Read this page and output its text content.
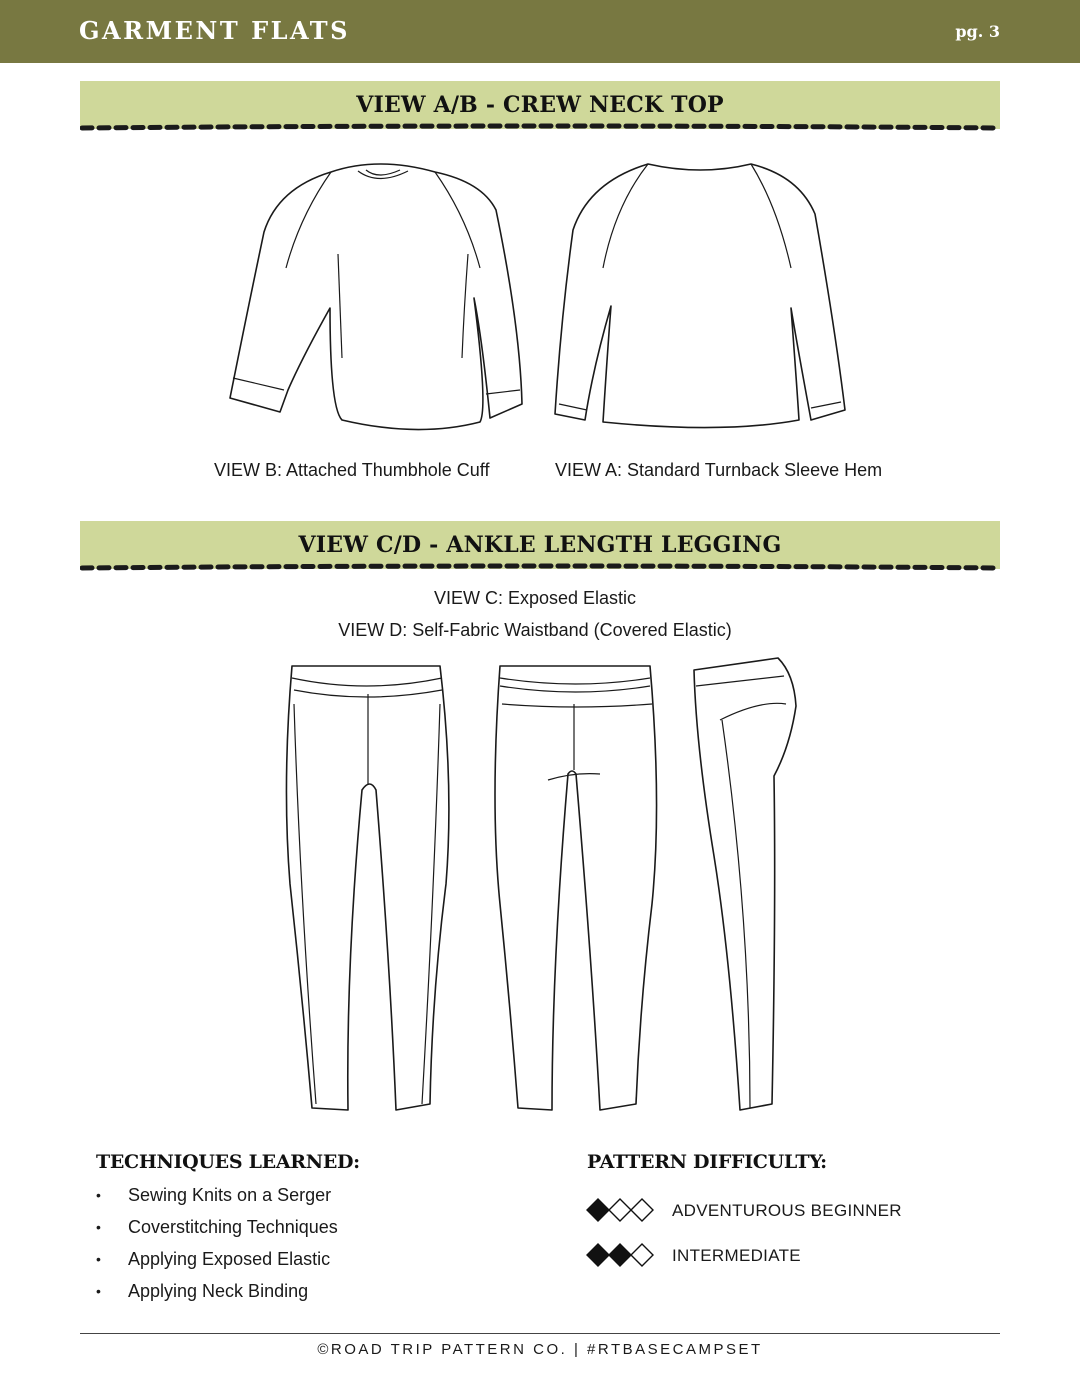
GARMENT FLATS	pg. 3
VIEW A/B - CREW NECK TOP
VIEW B: Attached Thumbhole Cuff	VIEW A: Standard Turnback Sleeve Hem
VIEW C/D - ANKLE LENGTH LEGGING
VIEW C: Exposed Elastic
VIEW D: Self-Fabric Waistband (Covered Elastic)
TECHNIQUES LEARNED:
• Sewing Knits on a Serger
• Coverstitching Techniques
• Applying Exposed Elastic
• Applying Neck Binding
PATTERN DIFFICULTY:
ADVENTUROUS BEGINNER
INTERMEDIATE
©ROAD TRIP PATTERN CO. | #RTBASECAMPSET
